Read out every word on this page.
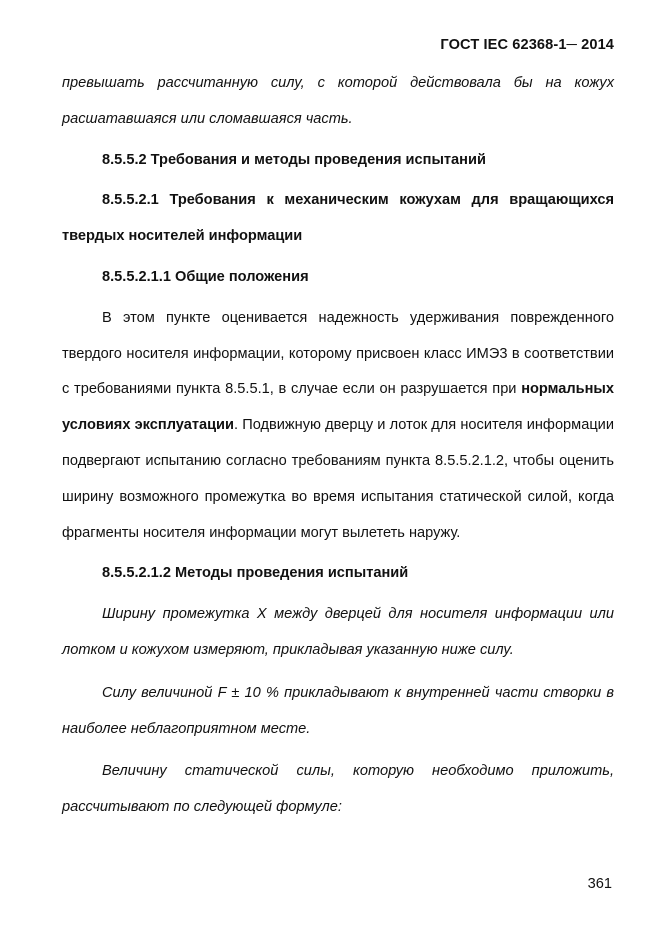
ГОСТ IEC 62368-1─ 2014

превышать рассчитанную силу, с которой действовала бы на кожух расшатавшаяся или сломавшаяся часть.

8.5.5.2 Требования и методы проведения испытаний

8.5.5.2.1 Требования к механическим кожухам для вращающихся твердых носителей информации

8.5.5.2.1.1 Общие положения

В этом пункте оценивается надежность удерживания поврежденного твердого носителя информации, которому присвоен класс ИМЭ3 в соответствии с требованиями пункта 8.5.5.1, в случае если он разрушается при нормальных условиях эксплуатации. Подвижную дверцу и лоток для носителя информации подвергают испытанию согласно требованиям пункта 8.5.5.2.1.2, чтобы оценить ширину возможного промежутка во время испытания статической силой, когда фрагменты носителя информации могут вылететь наружу.

8.5.5.2.1.2 Методы проведения испытаний

Ширину промежутка X между дверцей для носителя информации или лотком и кожухом измеряют, прикладывая указанную ниже силу.

Силу величиной F ± 10 % прикладывают к внутренней части створки в наиболее неблагоприятном месте.

Величину статической силы, которую необходимо приложить, рассчитывают по следующей формуле:

361
